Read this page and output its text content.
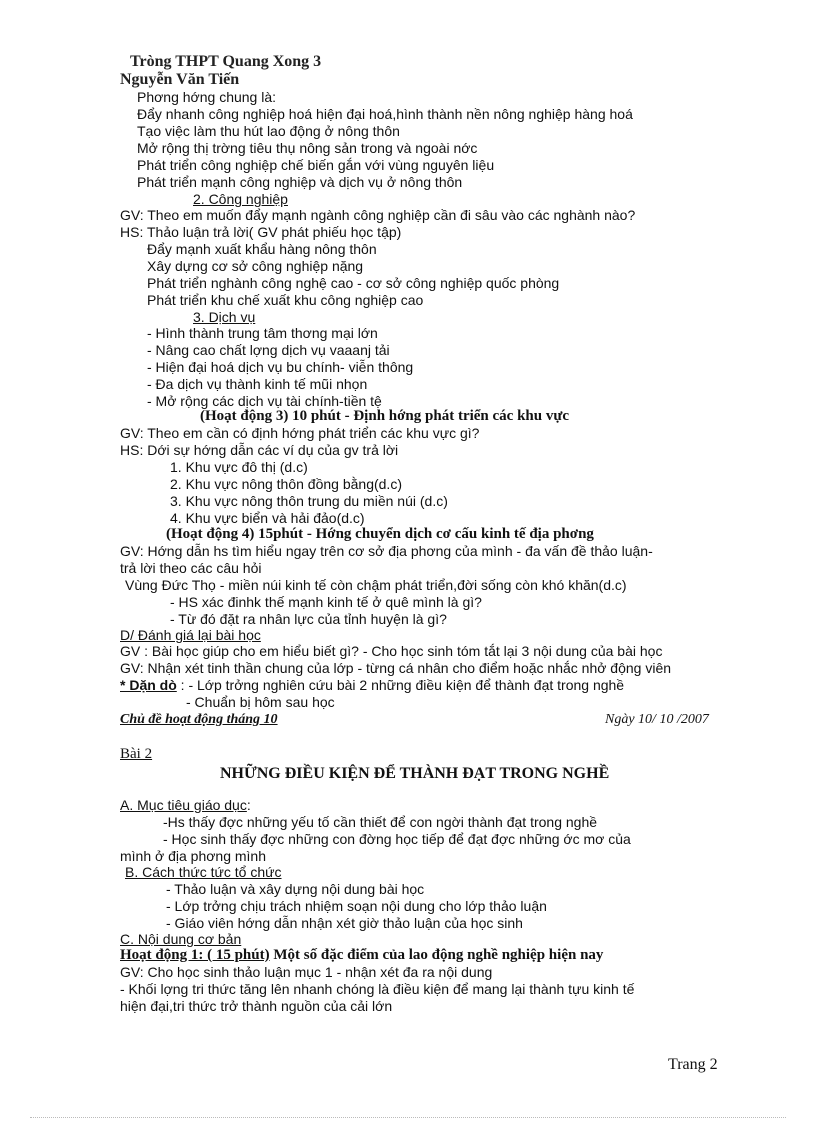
Tròng THPT Quang Xong 3
Nguyễn Văn Tiến
Phơng hớng chung là:
Đẩy nhanh công nghiệp hoá hiện đại hoá,hình thành nền nông nghiệp hàng hoá
Tạo việc làm thu hút lao động ở nông thôn
Mở rộng thị trờng tiêu thụ nông sản trong và ngoài nớc
Phát triển công nghiệp chế biến gắn với vùng nguyên liệu
Phát triển mạnh công nghiệp và dịch vụ ở nông thôn
2. Công nghiệp
GV: Theo em muốn đẩy mạnh ngành công nghiệp cần đi sâu vào các nghành nào?
HS: Thảo luận trả lời( GV phát phiếu học tập)
Đẩy mạnh xuất khẩu hàng nông thôn
Xây dựng cơ sở công nghiệp nặng
Phát triển nghành công nghệ cao - cơ sở công nghiệp quốc phòng
Phát triển khu chế xuất khu công nghiệp cao
3. Dịch vụ
- Hình thành trung tâm thơng mại lớn
- Nâng cao chất lợng dịch vụ vaaanj tải
- Hiện đại hoá dịch vụ bu chính- viễn thông
- Đa dịch vụ thành kinh tế mũi nhọn
- Mở rộng các dịch vụ tài chính-tiền tệ
(Hoạt động 3) 10 phút - Định hớng phát triển các khu vực
GV: Theo em cần có định hớng phát triển các khu vực gì?
HS: Dới sự hớng dẫn các ví dụ của gv trả lời
1. Khu vực đô thị (d.c)
2. Khu vực nông thôn đồng bằng(d.c)
3. Khu vực nông thôn trung du miền núi (d.c)
4. Khu vực biển và hải đảo(d.c)
(Hoạt động 4) 15phút - Hớng chuyển dịch cơ cấu kinh tế địa phơng
GV: Hớng dẫn hs tìm hiểu ngay trên cơ sở địa phơng của mình - đa vấn đề thảo luận-
trả lời theo các câu hỏi
Vùng Đức Thọ - miền núi kinh tế còn chậm phát triển,đời sống còn khó khăn(d.c)
- HS xác đinhk thế mạnh kinh tế ở quê mình là gì?
- Từ đó đặt ra nhân lực của tỉnh huyện là gì?
D/ Đánh giá lại bài học
GV : Bài học giúp cho em hiểu biết gì? - Cho học sinh tóm tắt lại 3 nội dung của bài học
GV: Nhận xét tinh thần chung của lớp - từng cá nhân cho điểm hoặc nhắc nhở động viên
* Dặn dò : - Lớp trởng nghiên cứu bài 2 những điều kiện để thành đạt trong nghề
- Chuẩn bị hôm sau học
Chủ đề hoạt động tháng 10	Ngày 10/ 10 /2007
Bài 2
NHỮNG ĐIỀU KIỆN ĐỂ THÀNH ĐẠT TRONG NGHỀ
A. Mục tiêu giáo dục:
-Hs thấy đợc những yếu tố cần thiết để con ngời thành đạt trong nghề
- Học sinh thấy đợc những con đờng học tiếp để đạt đợc những ớc mơ của
mình ở địa phơng mình
B. Cách thức tức tổ chức
- Thảo luận và xây dựng nội dung bài học
- Lớp trởng chịu trách nhiệm soạn nội dung cho lớp thảo luận
- Giáo viên hớng dẫn nhận xét giờ thảo luận của học sinh
C. Nội dung cơ bản
Hoạt động 1: ( 15 phút) Một số đặc điểm của lao động nghề nghiệp hiện nay
GV: Cho học sinh thảo luận mục 1 - nhận xét đa ra nội dung
- Khối lợng tri thức tăng lên nhanh chóng là điều kiện để mang lại thành tựu kinh tế
hiện đại,tri thức trở thành nguồn của cải lớn
Trang 2
